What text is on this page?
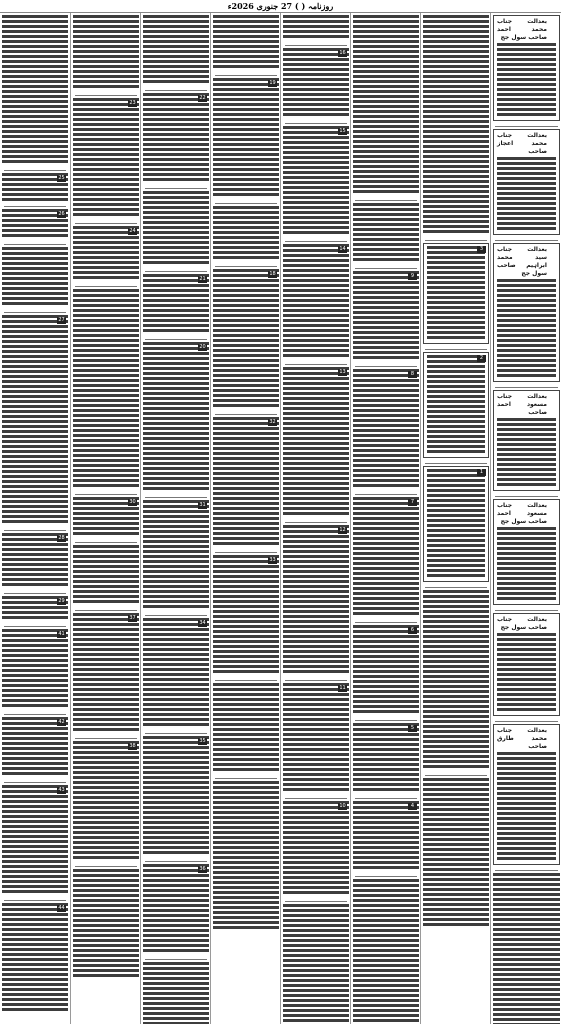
روزنامہ ( ) 27 جنوری 2026ء
25
26
27
28
29
41
42
43
44
23
24
30
37
38
22
21
20
31
34
35
36
19
18
32
33
16
15
14
13
12
11
10
9
8
7
6
5
4
3
2
1
بعدالت جناب محمد احمد صاحب سول جج
بعدالت جناب محمد اعجاز صاحب
بعدالت جناب سید محمد ابراہیم صاحب سول جج
بعدالت جناب مسعود احمد صاحب
بعدالت جناب مسعود احمد صاحب سول جج
بعدالت جناب صاحب سول جج
بعدالت جناب محمد طارق صاحب
